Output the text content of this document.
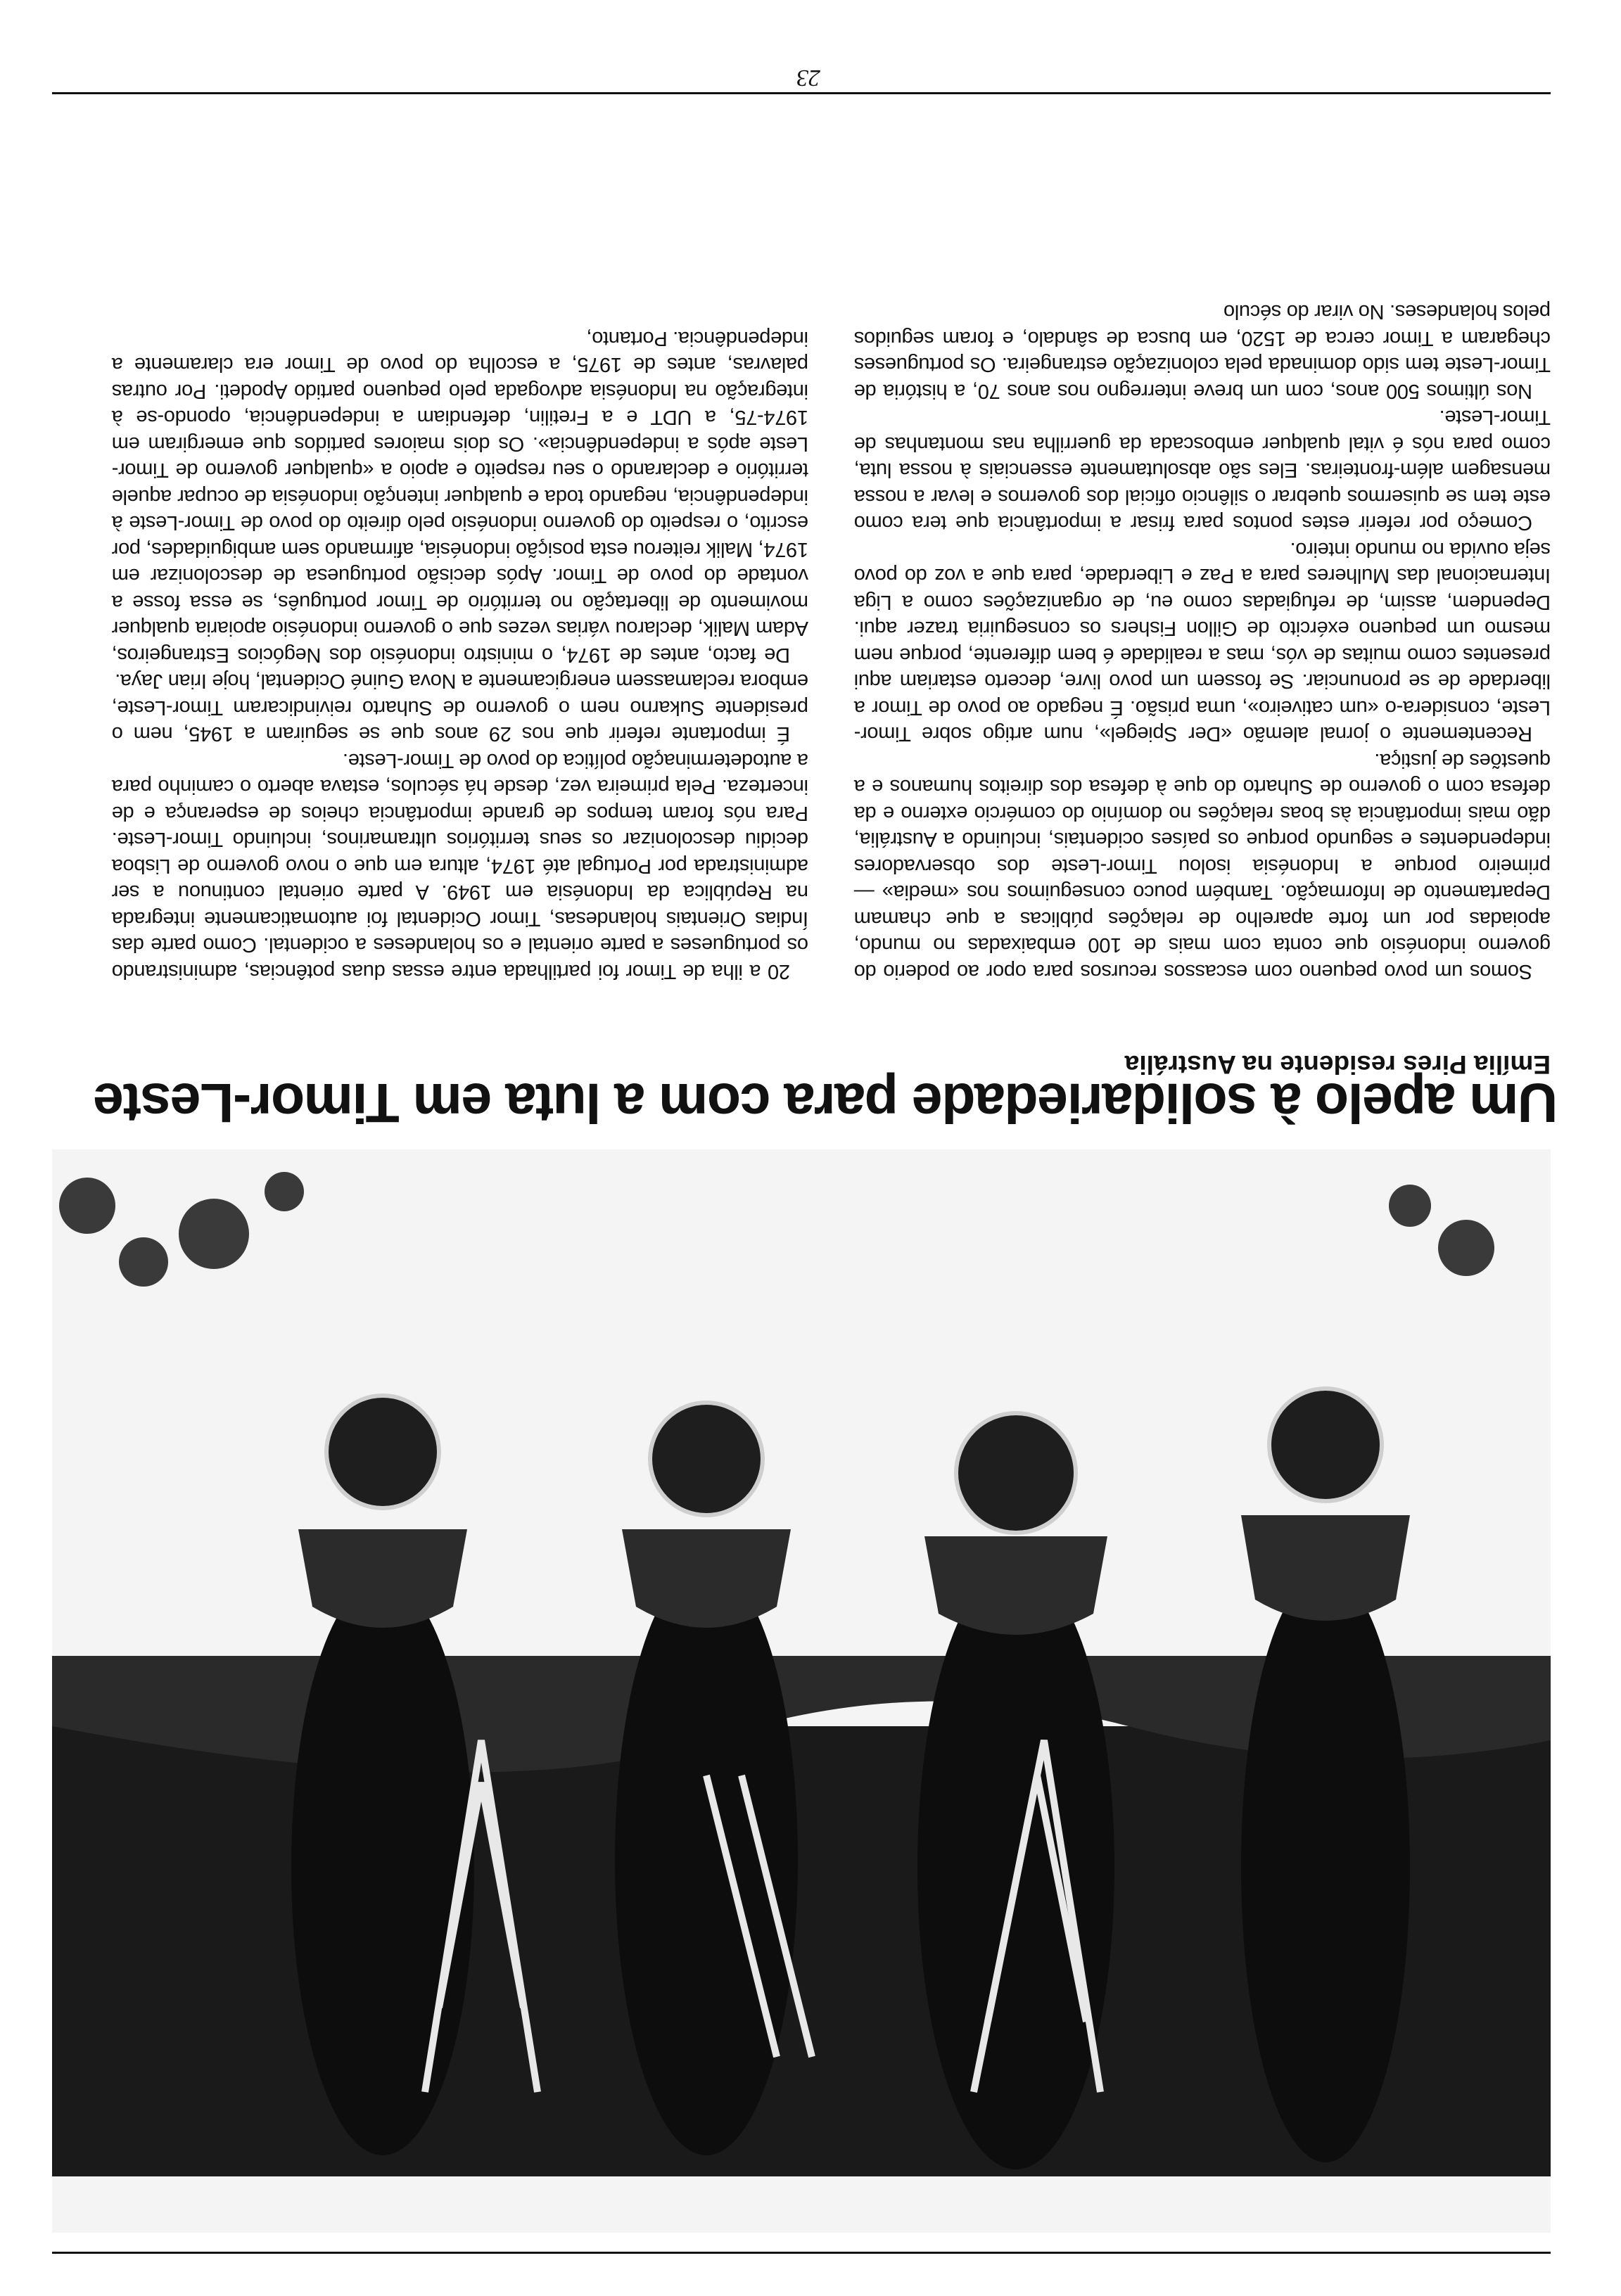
23

Somos um povo pequeno com escassos recursos para opor ao poderio do governo indonésio que conta com mais de 100 embaixadas no mundo, apoiadas por um forte aparelho de relações públicas a que chamam Departamento de Informação. Também pouco conseguimos nos «media» — primeiro porque a Indonésia isolou Timor-Leste dos observadores independentes e segundo porque os países ocidentais, incluindo a Austrália, dão mais importância às boas relações no domínio do comércio externo e da defesa com o governo de Suharto do que à defesa dos direitos humanos e a questões de justiça.

Recentemente o jornal alemão «Der Spiegel», num artigo sobre Timor-Leste, considera-o «um cativeiro», uma prisão. É negado ao povo de Timor a liberdade de se pronunciar. Se fossem um povo livre, decerto estariam aqui presentes como muitas de vós, mas a realidade é bem diferente, porque nem mesmo um pequeno exército de Gillon Fishers os conseguiria trazer aqui. Dependem, assim, de refugiadas como eu, de organizações como a Liga Internacional das Mulheres para a Paz e Liberdade, para que a voz do povo seja ouvida no mundo inteiro.

Começo por referir estes pontos para frisar a importância que tera como este tem se quisermos quebrar o silêncio oficial dos governos e levar a nossa mensagem além-fronteiras. Eles são absolutamente essenciais à nossa luta, como para nós é vital qualquer emboscada da guerrilha nas montanhas de Timor-Leste.

Nos últimos 500 anos, com um breve interregno nos anos 70, a história de Timor-Leste tem sido dominada pela colonização estrangeira. Os portugueses chegaram a Timor cerca de 1520, em busca de sândalo, e foram seguidos pelos holandeses. No virar do século

20 a ilha de Timor foi partilhada entre essas duas potências, administrando os portugueses a parte oriental e os holandeses a ocidental. Como parte das Índias Orientais holandesas, Timor Ocidental foi automaticamente integrada na República da Indonésia em 1949. A parte oriental continuou a ser administrada por Portugal até 1974, altura em que o novo governo de Lisboa decidiu descolonizar os seus territórios ultramarinos, incluindo Timor-Leste. Para nós foram tempos de grande importância cheios de esperança e de incerteza. Pela primeira vez, desde há séculos, estava aberto o caminho para a autodeterminação política do povo de Timor-Leste.

É importante referir que nos 29 anos que se seguiram a 1945, nem o presidente Sukarno nem o governo de Suharto reivindicaram Timor-Leste, embora reclamassem energicamente a Nova Guiné Ocidental, hoje Irian Jaya.

De facto, antes de 1974, o ministro indonésio dos Negócios Estrangeiros, Adam Malik, declarou várias vezes que o governo indonésio apoiaria qualquer movimento de libertação no território de Timor português, se essa fosse a vontade do povo de Timor. Após decisão portuguesa de descolonizar em 1974, Malik reiterou esta posição indonésia, afirmando sem ambiguidades, por escrito, o respeito do governo indonésio pelo direito do povo de Timor-Leste à independência, negando toda e qualquer intenção indonésia de ocupar aquele território e declarando o seu respeito e apoio a «qualquer governo de Timor-Leste após a independência». Os dois maiores partidos que emergiram em 1974-75, a UDT e a Fretilin, defendiam a independência, opondo-se à integração na Indonésia advogada pelo pequeno partido Apodeti. Por outras palavras, antes de 1975, a escolha do povo de Timor era claramente a independência. Portanto,

Emília Pires residente na Austrália
Um apelo à solidariedade para com a luta em Timor-Leste
